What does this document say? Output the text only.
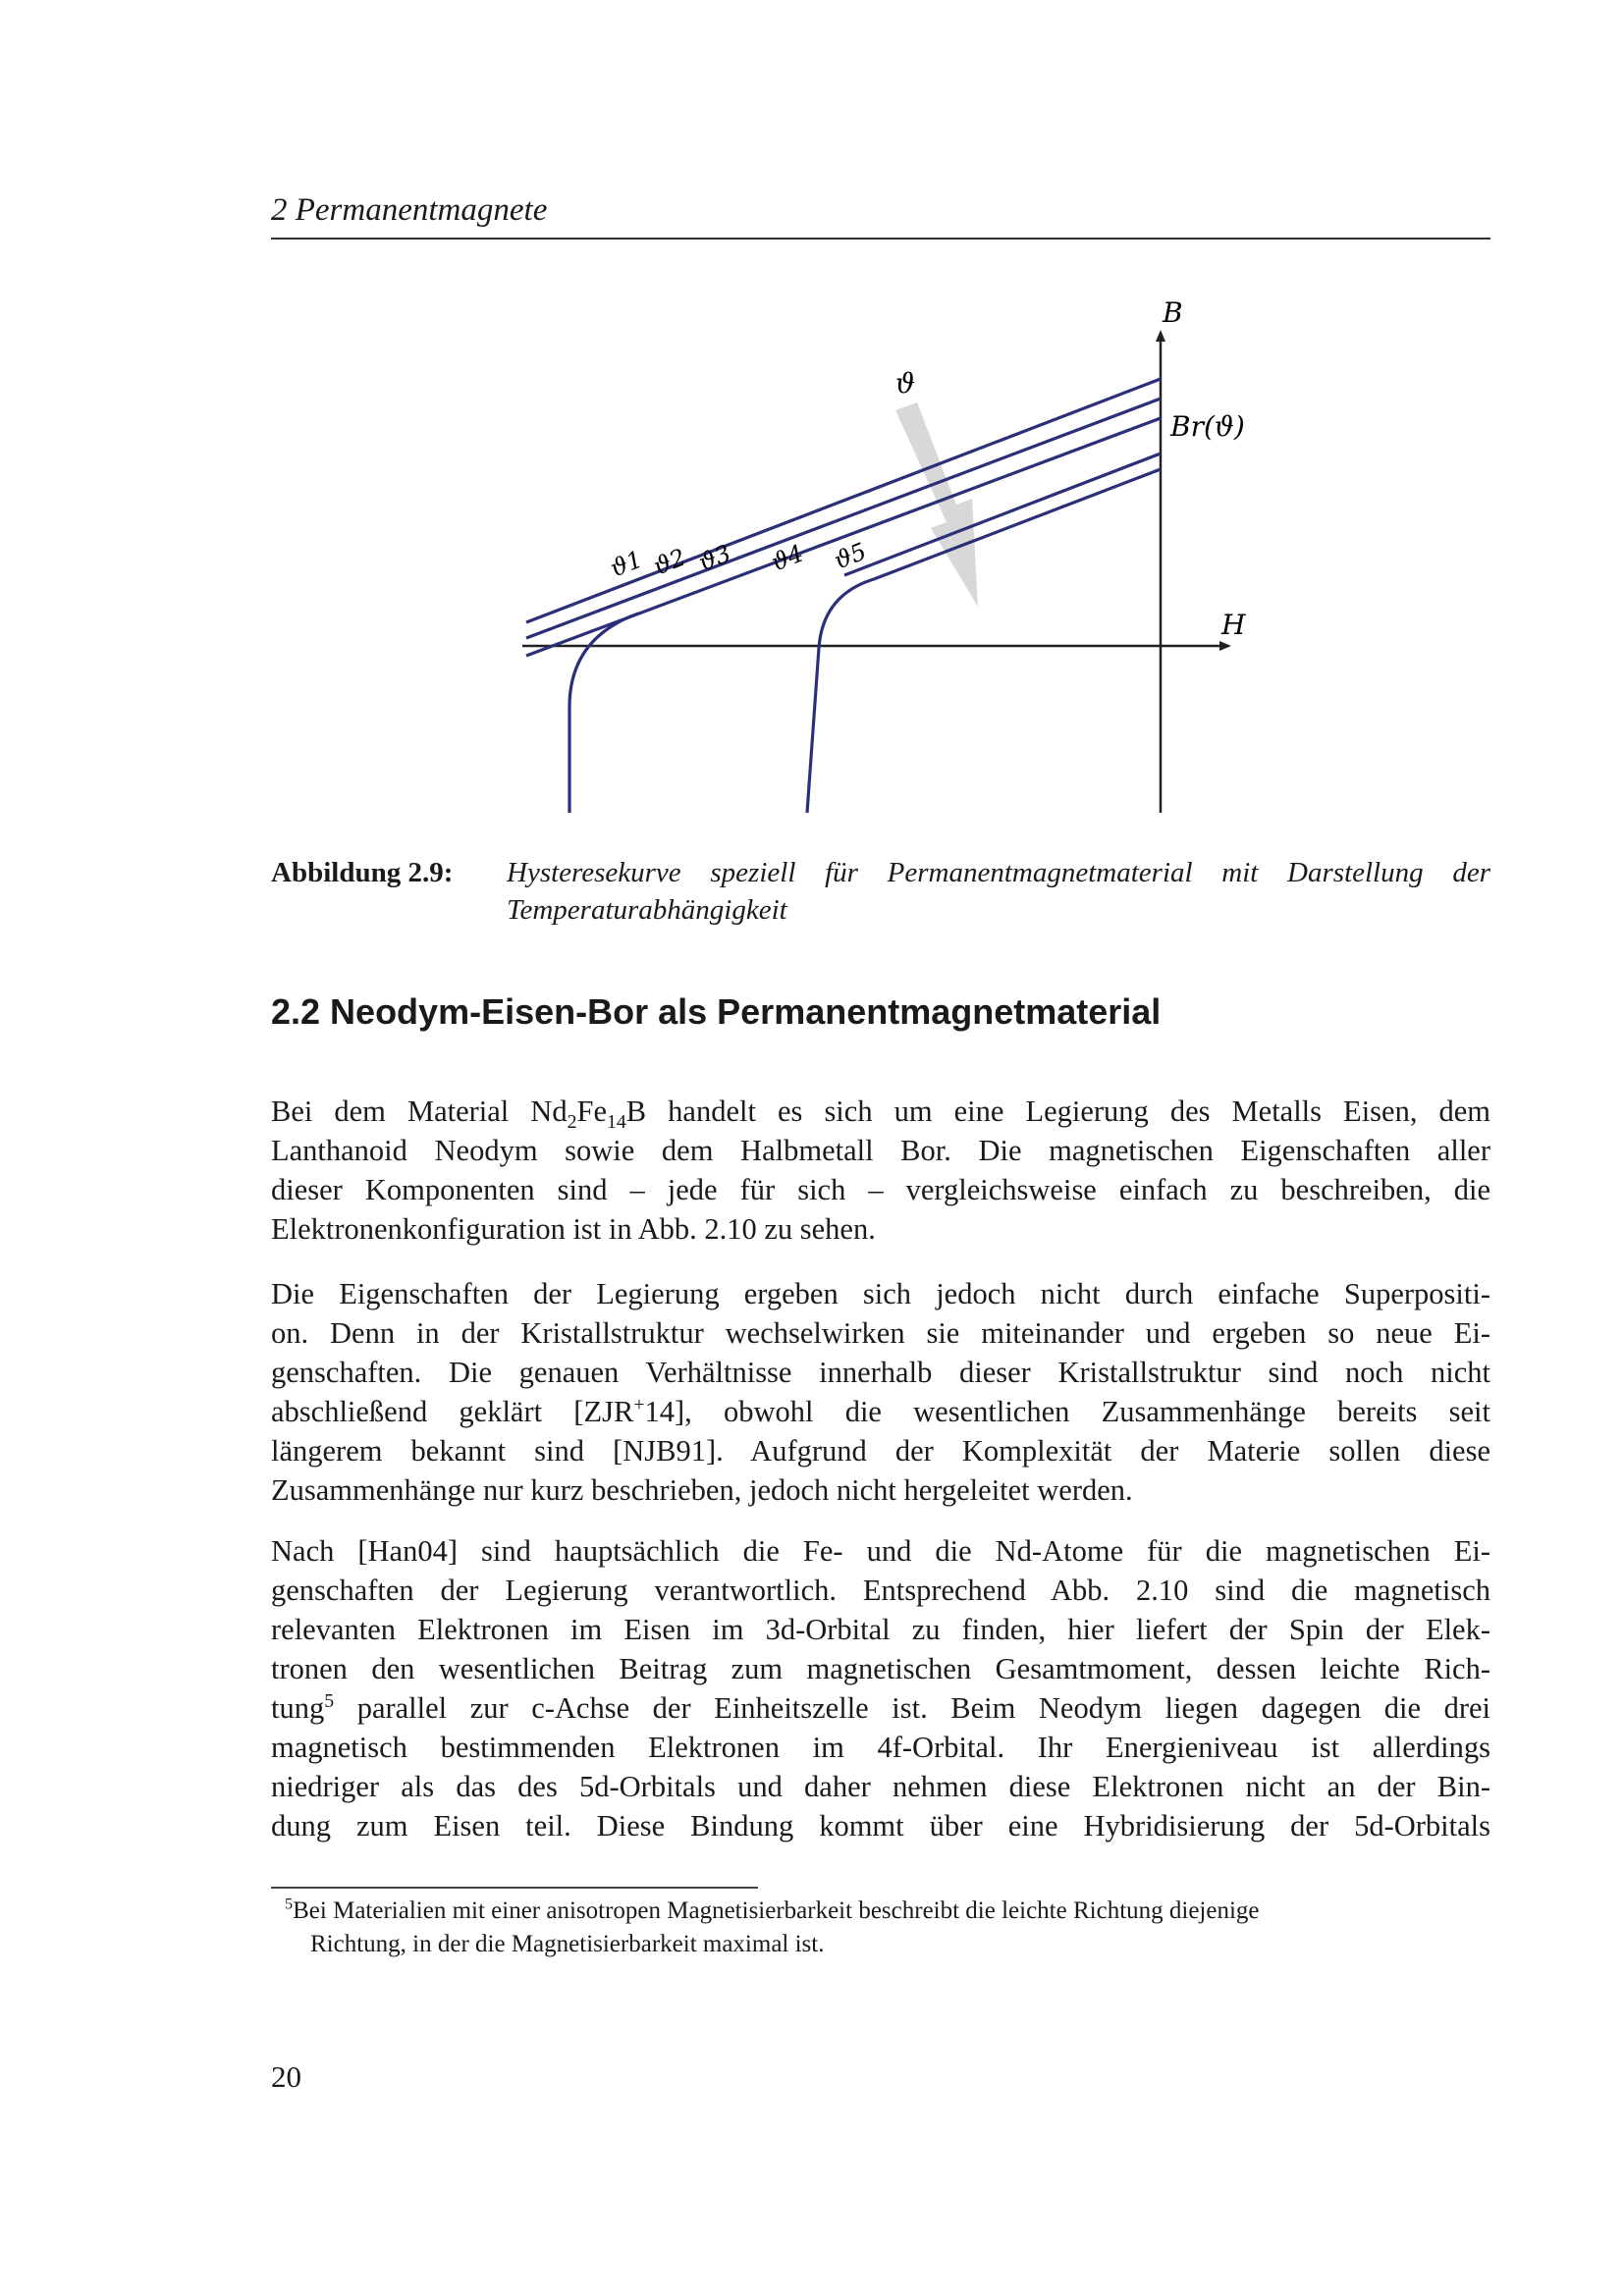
2 Permanentmagnete
B
H
Br(ϑ)
ϑ
ϑ1 ϑ2 ϑ3 ϑ4 ϑ5
Abbildung 2.9: Hysteresekurve speziell für Permanentmagnetmaterial mit Darstellung der
Temperaturabhängigkeit
2.2 Neodym-Eisen-Bor als Permanentmagnetmaterial
Bei dem Material $Nd_2Fe_{14}B$ handelt es sich um eine Legierung des Metalls Eisen, dem
Lanthanoid Neodym sowie dem Halbmetall Bor. Die magnetischen Eigenschaften aller
dieser Komponenten sind – jede für sich – vergleichsweise einfach zu beschreiben, die
Elektronenkonfiguration ist in Abb. 2.10 zu sehen.
Die Eigenschaften der Legierung ergeben sich jedoch nicht durch einfache Superpositi-
on. Denn in der Kristallstruktur wechselwirken sie miteinander und ergeben so neue Ei-
genschaften. Die genauen Verhältnisse innerhalb dieser Kristallstruktur sind noch nicht
abschließend geklärt [ZJR+14], obwohl die wesentlichen Zusammenhänge bereits seit
längerem bekannt sind [NJB91]. Aufgrund der Komplexität der Materie sollen diese
Zusammenhänge nur kurz beschrieben, jedoch nicht hergeleitet werden.
Nach [Han04] sind hauptsächlich die Fe- und die Nd-Atome für die magnetischen Ei-
genschaften der Legierung verantwortlich. Entsprechend Abb. 2.10 sind die magnetisch
relevanten Elektronen im Eisen im 3d-Orbital zu finden, hier liefert der Spin der Elek-
tronen den wesentlichen Beitrag zum magnetischen Gesamtmoment, dessen leichte Rich-
tung$^5$ parallel zur c-Achse der Einheitszelle ist. Beim Neodym liegen dagegen die drei
magnetisch bestimmenden Elektronen im 4f-Orbital. Ihr Energieniveau ist allerdings
niedriger als das des 5d-Orbitals und daher nehmen diese Elektronen nicht an der Bin-
dung zum Eisen teil. Diese Bindung kommt über eine Hybridisierung der 5d-Orbitals
$^5$Bei Materialien mit einer anisotropen Magnetisierbarkeit beschreibt die leichte Richtung diejenige
Richtung, in der die Magnetisierbarkeit maximal ist.
20
